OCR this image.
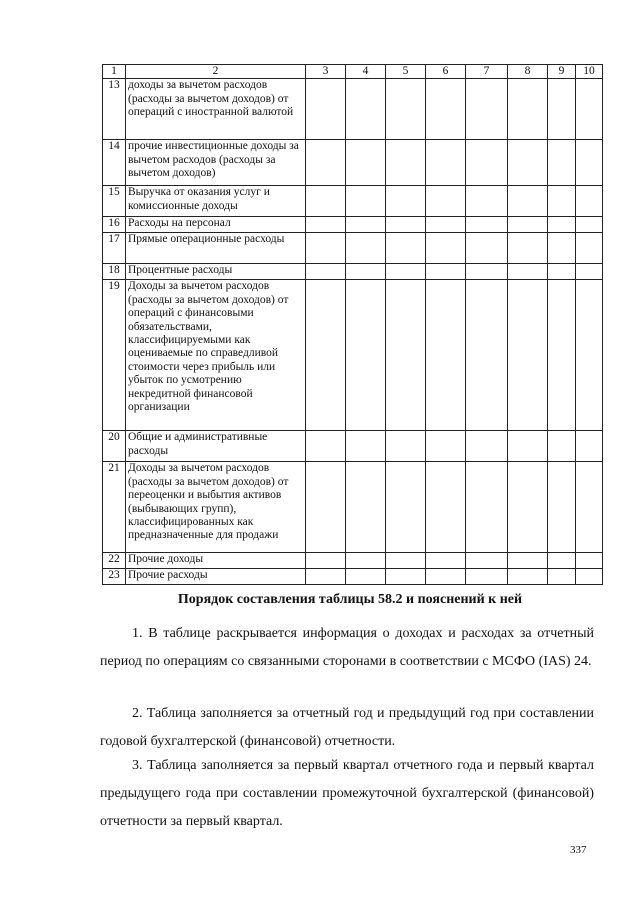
1	2	3	4	5	6	7	8	9	10
13	доходы за вычетом расходов (расходы за вычетом доходов) от операций с иностранной валютой								
14	прочие инвестиционные доходы за вычетом расходов (расходы за вычетом доходов)								
15	Выручка от оказания услуг и комиссионные доходы								
16	Расходы на персонал								
17	Прямые операционные расходы								
18	Процентные расходы								
19	Доходы за вычетом расходов (расходы за вычетом доходов) от операций с финансовыми обязательствами, классифицируемыми как оцениваемые по справедливой стоимости через прибыль или убыток по усмотрению некредитной финансовой организации								
20	Общие и административные расходы								
21	Доходы за вычетом расходов (расходы за вычетом доходов) от переоценки и выбытия активов (выбывающих групп), классифицированных как предназначенные для продажи								
22	Прочие доходы								
23	Прочие расходы								
Порядок составления таблицы 58.2 и пояснений к ней
1. В таблице раскрывается информация о доходах и расходах за отчетный период по операциям со связанными сторонами в соответствии с МСФО (IAS) 24.
2. Таблица заполняется за отчетный год и предыдущий год при составлении годовой бухгалтерской (финансовой) отчетности.
3. Таблица заполняется за первый квартал отчетного года и первый квартал предыдущего года при составлении промежуточной бухгалтерской (финансовой) отчетности за первый квартал.
337
